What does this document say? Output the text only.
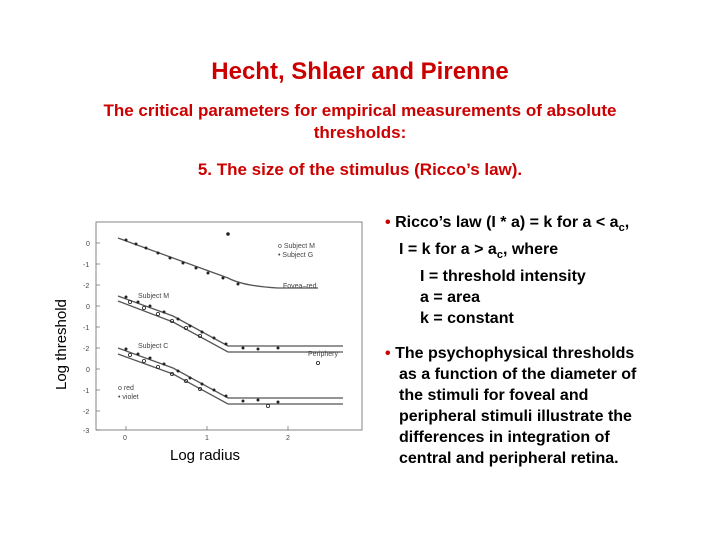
Hecht, Shlaer and Pirenne
The critical parameters for empirical measurements of absolute thresholds:
5. The size of the stimulus (Ricco’s law).
Log threshold
Log radius
0
-1
-2
0
-1
-2
0
-1
-2
-3
0	1	2
Fovea–red
Subject M
Subject C
Periphery
o Subject M
• Subject G
o red
• violet
• Ricco’s law (I * a) = k for $a < a_c$,
I = k for $a > a_c$, where
I = threshold intensity
a = area
k = constant
• The psychophysical thresholds
as a function of the diameter of
the stimuli for foveal and
peripheral stimuli illustrate the
differences in integration of
central and peripheral retina.
